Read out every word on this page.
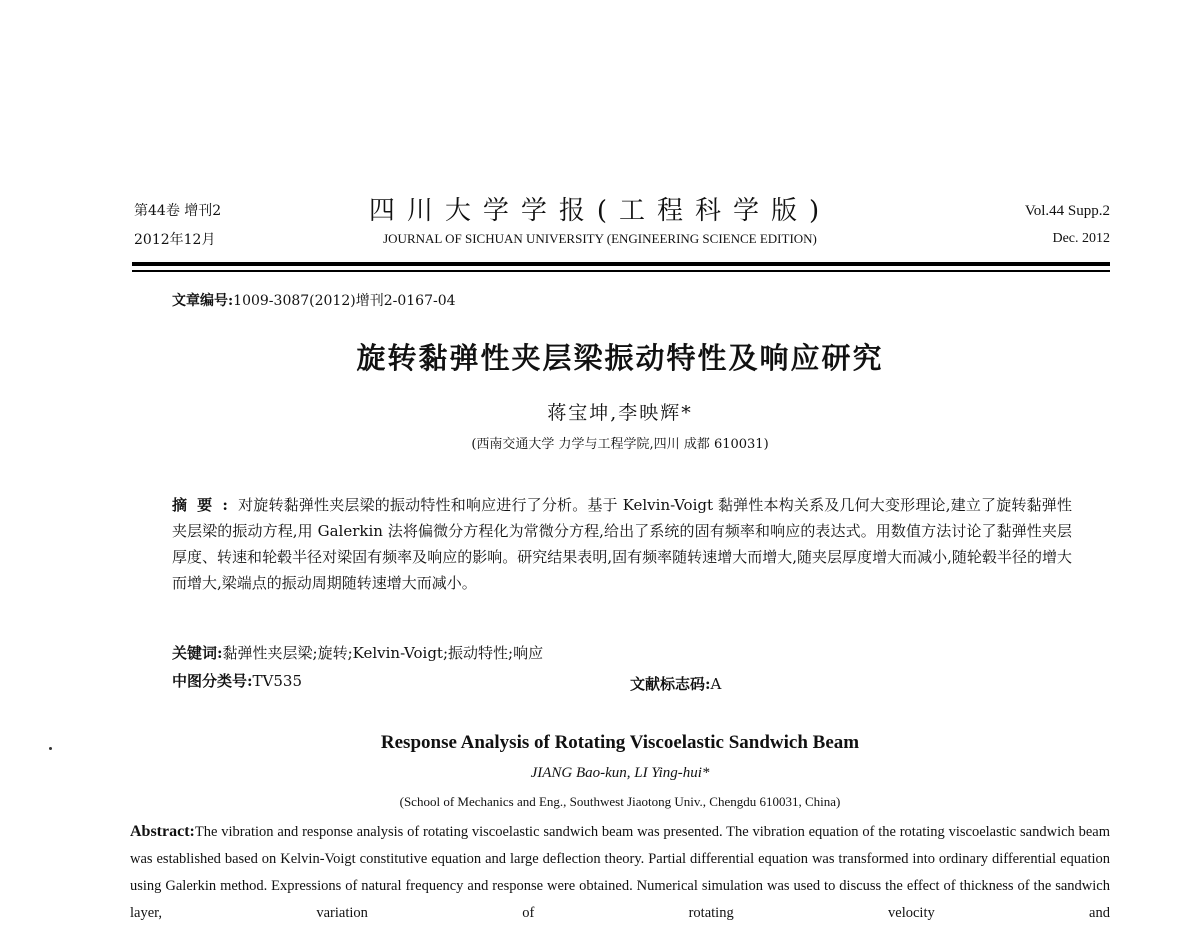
第44卷 增刊2
2012年12月
四川大学学报(工程科学版)
JOURNAL OF SICHUAN UNIVERSITY (ENGINEERING SCIENCE EDITION)
Vol.44 Supp.2
Dec. 2012
文章编号:1009-3087(2012)增刊2-0167-04
旋转黏弹性夹层梁振动特性及响应研究
蒋宝坤,李映辉*
(西南交通大学 力学与工程学院,四川 成都 610031)
摘要:对旋转黏弹性夹层梁的振动特性和响应进行了分析。基于 Kelvin-Voigt 黏弹性本构关系及几何大变形理论,建立了旋转黏弹性夹层梁的振动方程,用 Galerkin 法将偏微分方程化为常微分方程,给出了系统的固有频率和响应的表达式。用数值方法讨论了黏弹性夹层厚度、转速和轮毂半径对梁固有频率及响应的影响。研究结果表明,固有频率随转速增大而增大,随夹层厚度增大而减小,随轮毂半径的增大而增大,梁端点的振动周期随转速增大而减小。
关键词:黏弹性夹层梁;旋转;Kelvin-Voigt;振动特性;响应
中图分类号:TV535	文献标志码:A
Response Analysis of Rotating Viscoelastic Sandwich Beam
JIANG Bao-kun, LI Ying-hui*
(School of Mechanics and Eng., Southwest Jiaotong Univ., Chengdu 610031, China)
Abstract:The vibration and response analysis of rotating viscoelastic sandwich beam was presented. The vibration equation of the rotating viscoelastic sandwich beam was established based on Kelvin-Voigt constitutive equation and large deflection theory. Partial differential equation was transformed into ordinary differential equation using Galerkin method. Expressions of natural frequency and response were obtained. Numerical simulation was used to discuss the effect of thickness of the sandwich layer, variation of rotating velocity and
